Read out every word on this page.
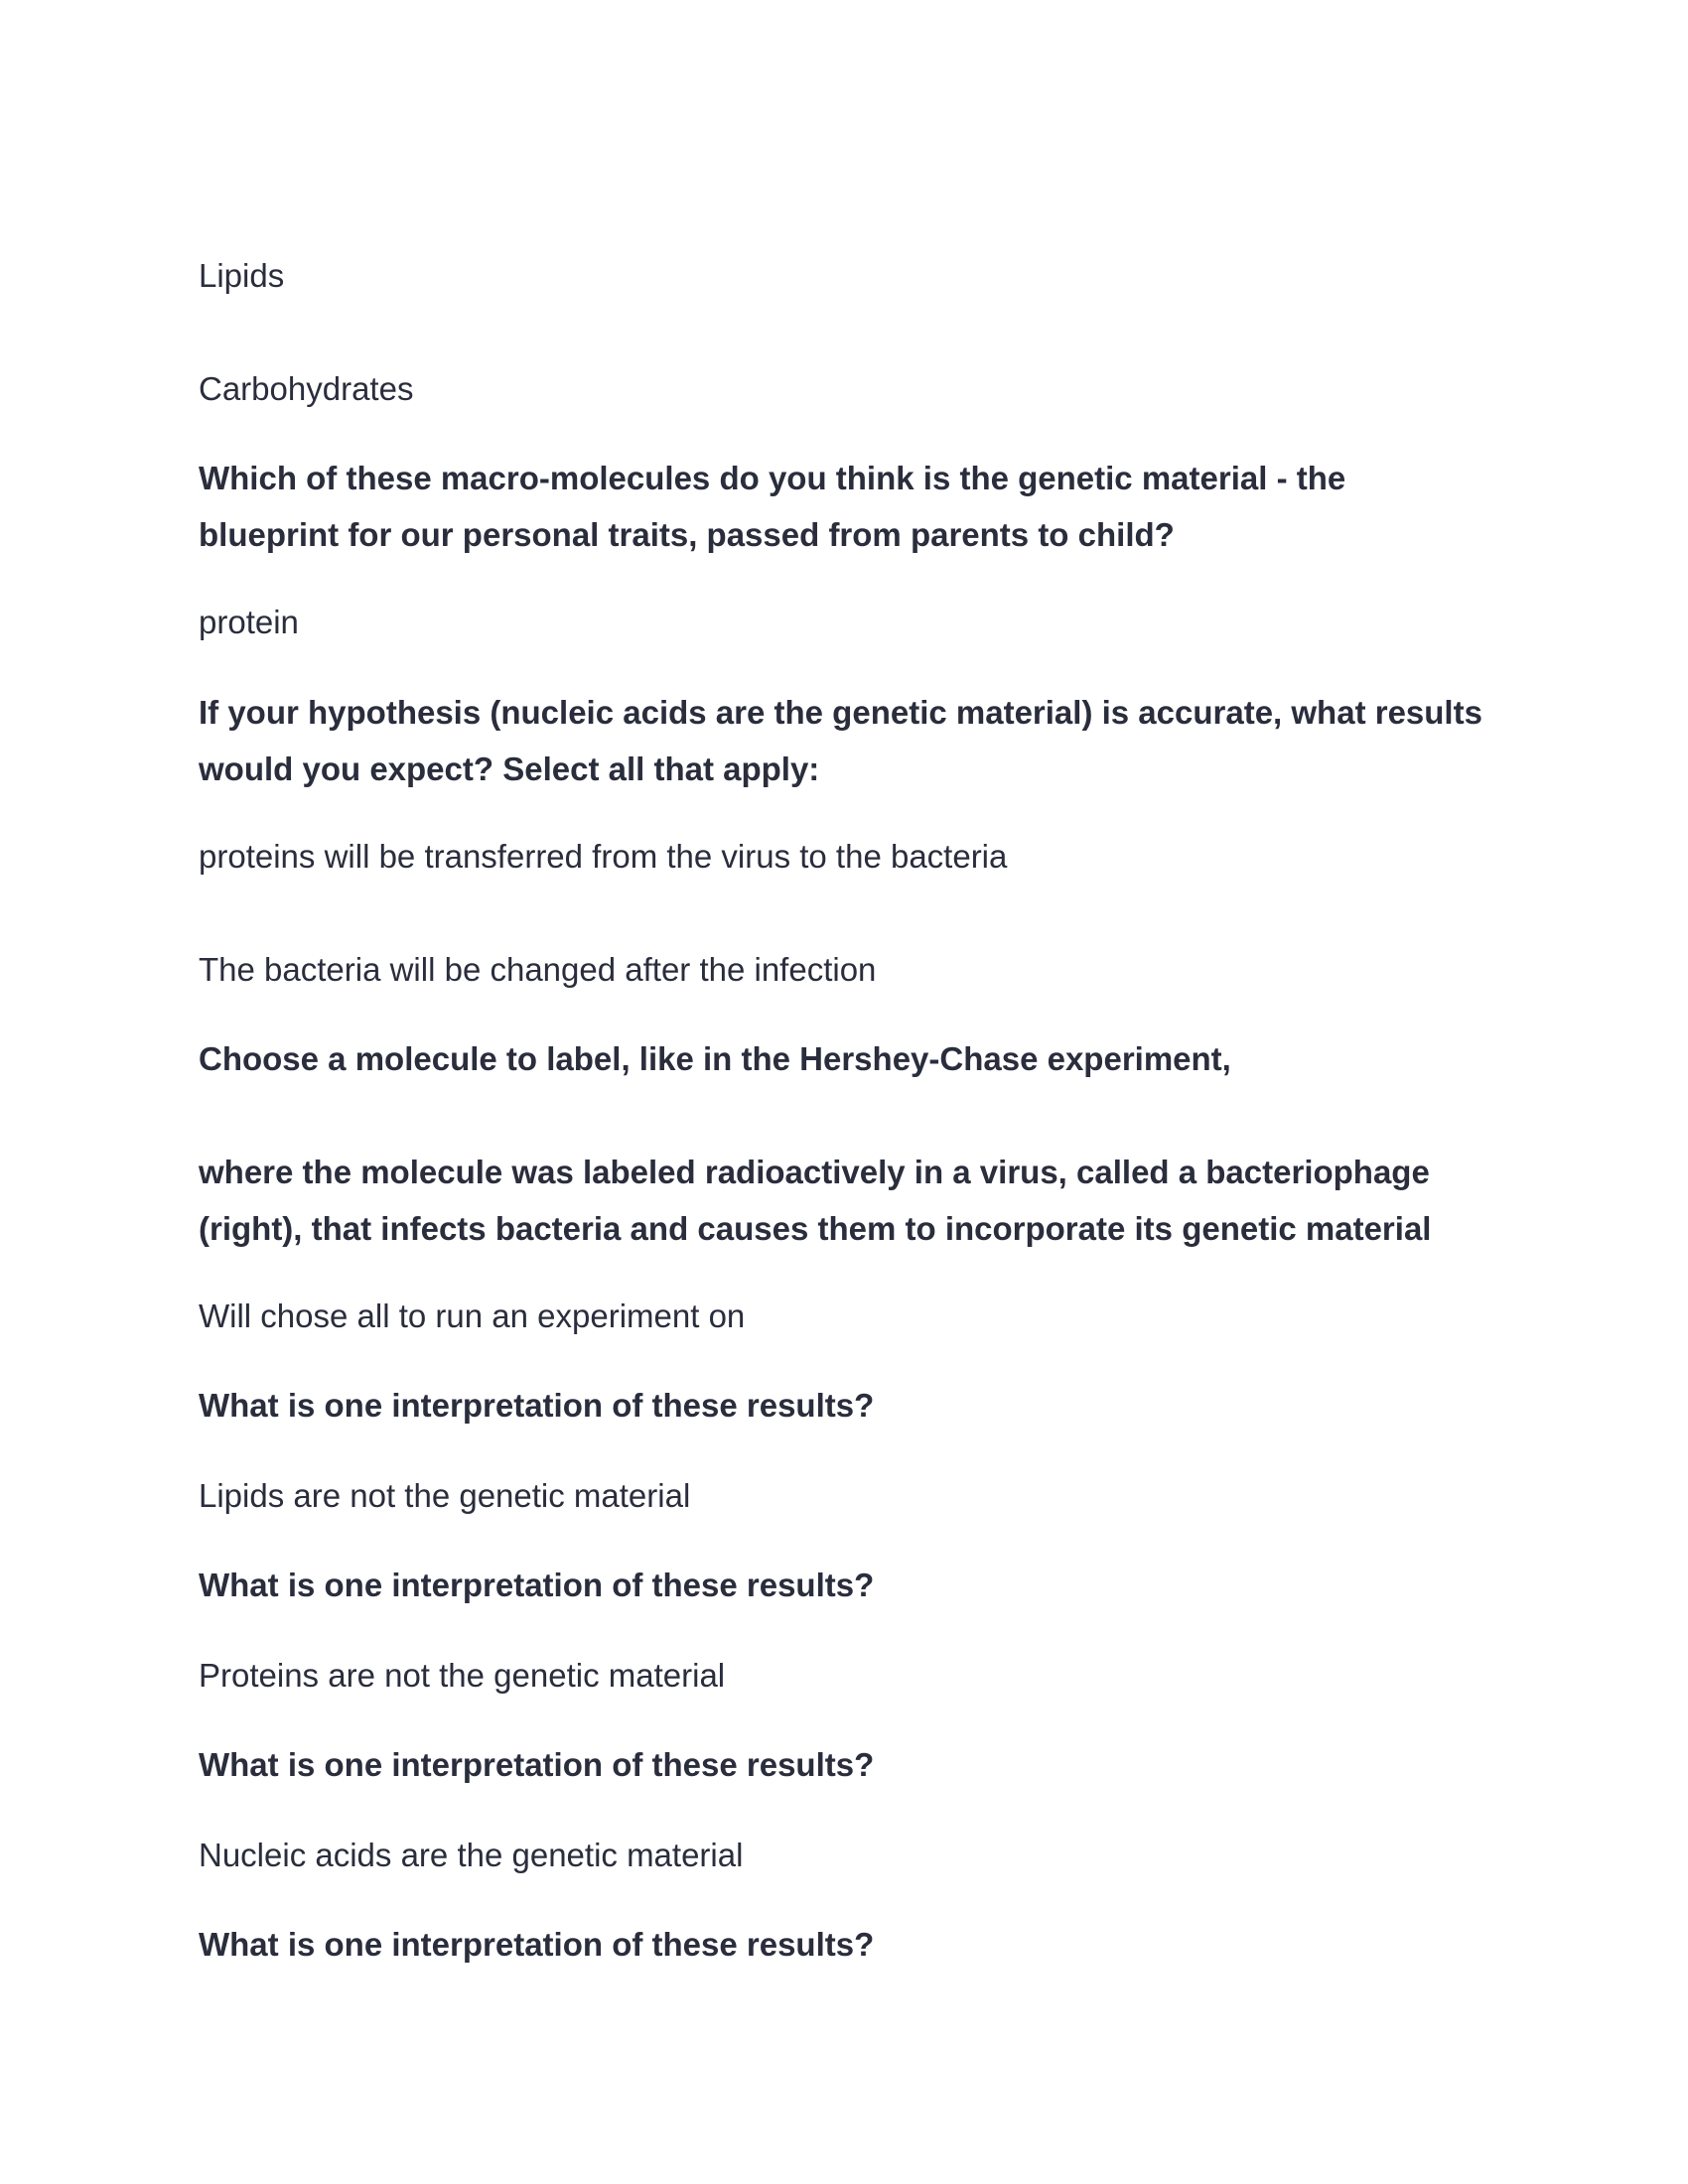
Lipids

Carbohydrates

Which of these macro-molecules do you think is the genetic material - the blueprint for our personal traits, passed from parents to child?

protein

If your hypothesis (nucleic acids are the genetic material) is accurate, what results would you expect? Select all that apply:

proteins will be transferred from the virus to the bacteria

The bacteria will be changed after the infection

Choose a molecule to label, like in the Hershey-Chase experiment,

where the molecule was labeled radioactively in a virus, called a bacteriophage (right), that infects bacteria and causes them to incorporate its genetic material

Will chose all to run an experiment on

What is one interpretation of these results?

Lipids are not the genetic material

What is one interpretation of these results?

Proteins are not the genetic material

What is one interpretation of these results?

Nucleic acids are the genetic material

What is one interpretation of these results?
